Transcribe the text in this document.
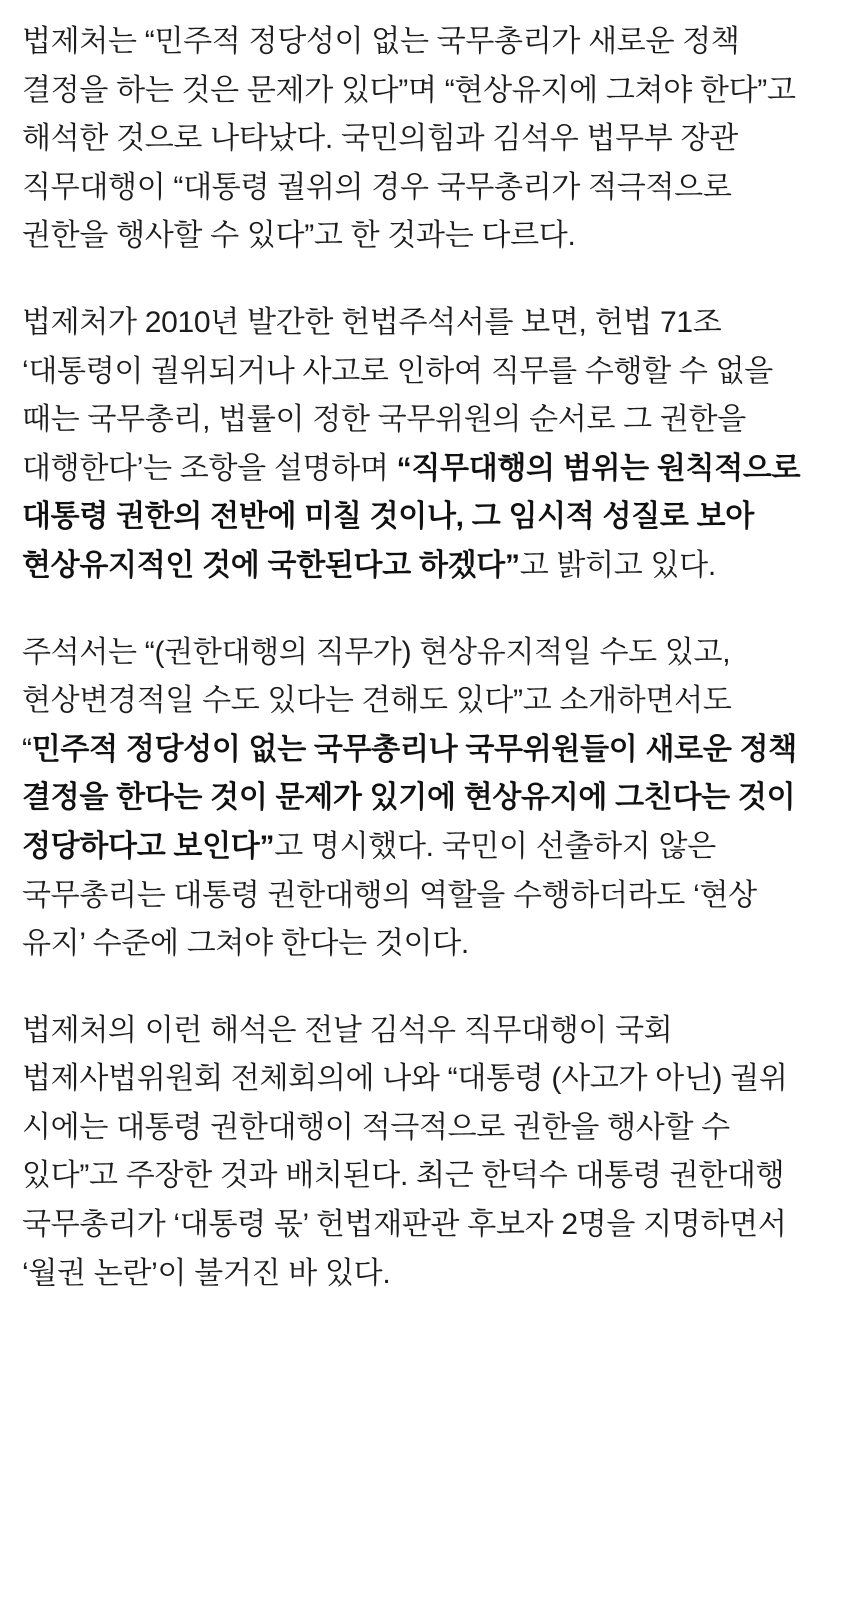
법제처는 “민주적 정당성이 없는 국무총리가 새로운 정책 결정을 하는 것은 문제가 있다”며 “현상유지에 그쳐야 한다”고 해석한 것으로 나타났다. 국민의힘과 김석우 법무부 장관 직무대행이 “대통령 궐위의 경우 국무총리가 적극적으로 권한을 행사할 수 있다”고 한 것과는 다르다.

법제처가 2010년 발간한 헌법주석서를 보면, 헌법 71조 ‘대통령이 궐위되거나 사고로 인하여 직무를 수행할 수 없을 때는 국무총리, 법률이 정한 국무위원의 순서로 그 권한을 대행한다’는 조항을 설명하며 “직무대행의 범위는 원칙적으로 대통령 권한의 전반에 미칠 것이나, 그 임시적 성질로 보아 현상유지적인 것에 국한된다고 하겠다”고 밝히고 있다.

주석서는 “(권한대행의 직무가) 현상유지적일 수도 있고, 현상변경적일 수도 있다는 견해도 있다”고 소개하면서도 “민주적 정당성이 없는 국무총리나 국무위원들이 새로운 정책 결정을 한다는 것이 문제가 있기에 현상유지에 그친다는 것이 정당하다고 보인다”고 명시했다. 국민이 선출하지 않은 국무총리는 대통령 권한대행의 역할을 수행하더라도 ‘현상 유지’ 수준에 그쳐야 한다는 것이다.

법제처의 이런 해석은 전날 김석우 직무대행이 국회 법제사법위원회 전체회의에 나와 “대통령 (사고가 아닌) 궐위 시에는 대통령 권한대행이 적극적으로 권한을 행사할 수 있다”고 주장한 것과 배치된다. 최근 한덕수 대통령 권한대행 국무총리가 ‘대통령 몫’ 헌법재판관 후보자 2명을 지명하면서 ‘월권 논란’이 불거진 바 있다.
